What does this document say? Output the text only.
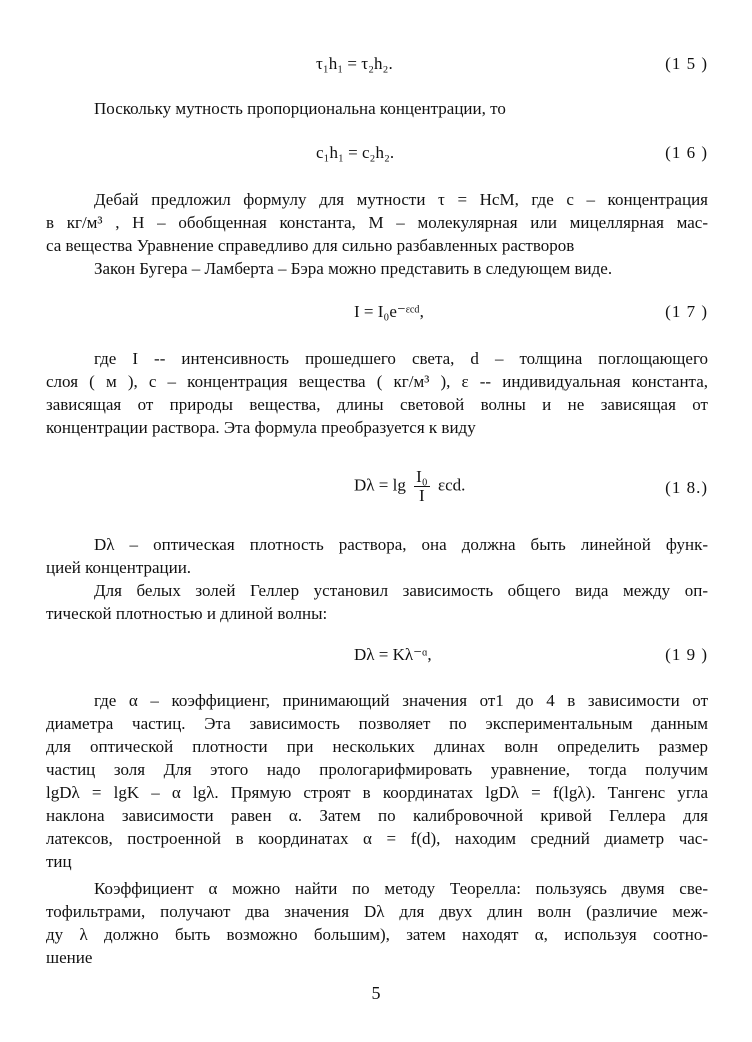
τ₁h₁ = τ₂h₂.	(1 5 )
Поскольку мутность пропорциональна концентрации, то
c₁h₁ = c₂h₂.	(1 6 )
Дебай предложил формулу для мутности τ = HcM, где c – концентрация
в кг/м³ , H – обобщенная константа, M – молекулярная или мицеллярная мас-
са вещества Уравнение справедливо для сильно разбавленных растворов
Закон Бугера – Ламберта – Бэра можно представить в следующем виде.
I = I₀e⁻ᵋᶜᵈ,	(1 7 )
где I -- интенсивность прошедшего света, d – толщина поглощающего
слоя ( м ), c – концентрация вещества ( кг/м³ ), ε -- индивидуальная константа,
зависящая от природы вещества, длины световой волны и не зависящая от
концентрации раствора. Эта формула преобразуется к виду
$D\lambda = \lg \frac{\text{I₀}}{I} \varepsilon cd$.	(1 8.)
Dλ – оптическая плотность раствора, она должна быть линейной функ-
цией концентрации.
Для белых золей Геллер установил зависимость общего вида между оп-
тической плотностью и длиной волны:
Dλ = Kλ⁻ᵅ,	(1 9 )
где α – коэффициенг, принимающий значения от1 до 4 в зависимости от
диаметра частиц. Эта зависимость позволяет по экспериментальным данным
для оптической плотности при нескольких длинах волн определить размер
частиц золя Для этого надо прологарифмировать уравнение, тогда получим
lgDλ = lgK – α lgλ. Прямую строят в координатах lgDλ = f(lgλ). Тангенс угла
наклона зависимости равен α. Затем по калибровочной кривой Геллера для
латексов, построенной в координатах α = f(d), находим средний диаметр час-
тиц
Коэффициент α можно найти по методу Теорелла: пользуясь двумя све-
тофильтрами, получают два значения Dλ для двух длин волн (различие меж-
ду λ должно быть возможно большим), затем находят α, используя соотно-
шение
5
